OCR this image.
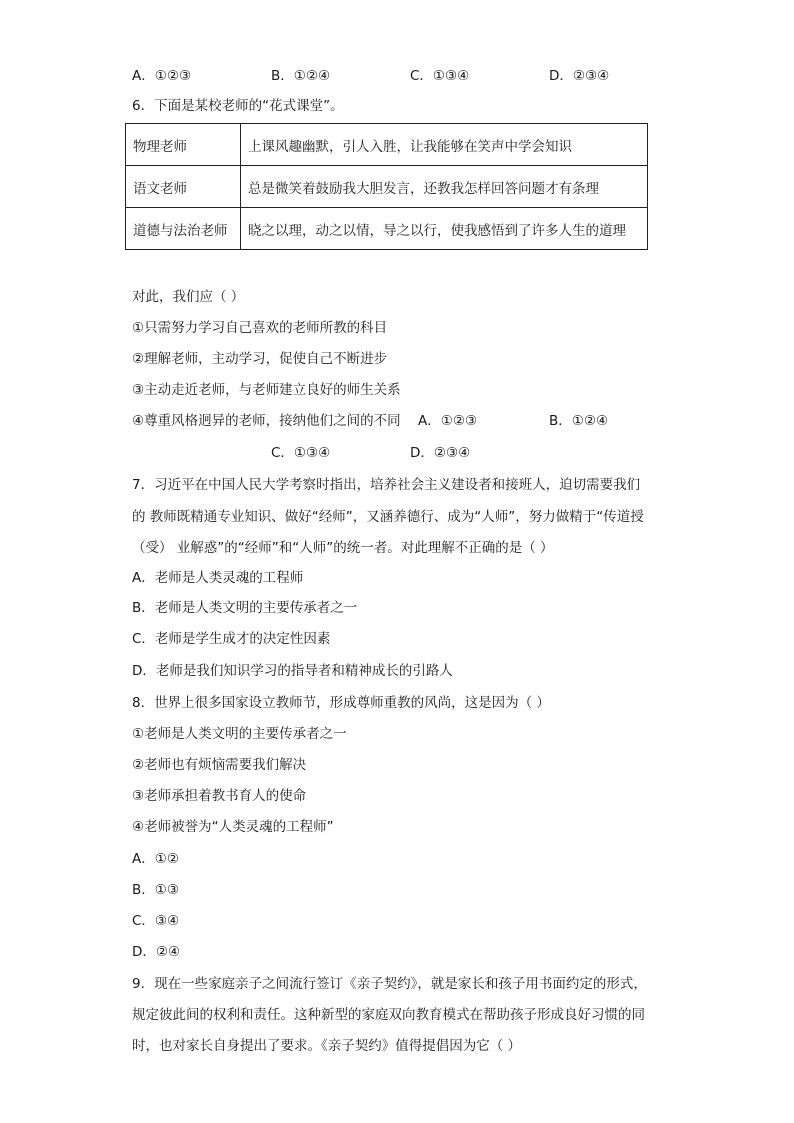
A．①②③	B．①②④	C．①③④	D．②③④
6．下面是某校老师的“花式课堂”。
物理老师	上课风趣幽默，引人入胜，让我能够在笑声中学会知识
语文老师	总是微笑着鼓励我大胆发言，还教我怎样回答问题才有条理
道德与法治老师	晓之以理，动之以情，导之以行，使我感悟到了许多人生的道理
对此，我们应（ ）
①只需努力学习自己喜欢的老师所教的科目
②理解老师，主动学习，促使自己不断进步
③主动走近老师，与老师建立良好的师生关系
④尊重风格迥异的老师，接纳他们之间的不同 A．①②③	B．①②④
C．①③④	D．②③④
7．习近平在中国人民大学考察时指出，培养社会主义建设者和接班人，迫切需要我们
的 教师既精通专业知识、做好“经师”，又涵养德行、成为“人师”，努力做精于“传道授
（受） 业解惑”的“经师”和“人师”的统一者。对此理解不正确的是（ ）
A．老师是人类灵魂的工程师
B．老师是人类文明的主要传承者之一
C．老师是学生成才的决定性因素
D．老师是我们知识学习的指导者和精神成长的引路人
8．世界上很多国家设立教师节，形成尊师重教的风尚，这是因为（ ）
①老师是人类文明的主要传承者之一
②老师也有烦恼需要我们解决
③老师承担着教书育人的使命
④老师被誉为“人类灵魂的工程师”
A．①②
B．①③
C．③④
D．②④
9．现在一些家庭亲子之间流行签订《亲子契约》，就是家长和孩子用书面约定的形式，
规定彼此间的权利和责任。这种新型的家庭双向教育模式在帮助孩子形成良好习惯的同
时，也对家长自身提出了要求。《亲子契约》值得提倡因为它（ ）
